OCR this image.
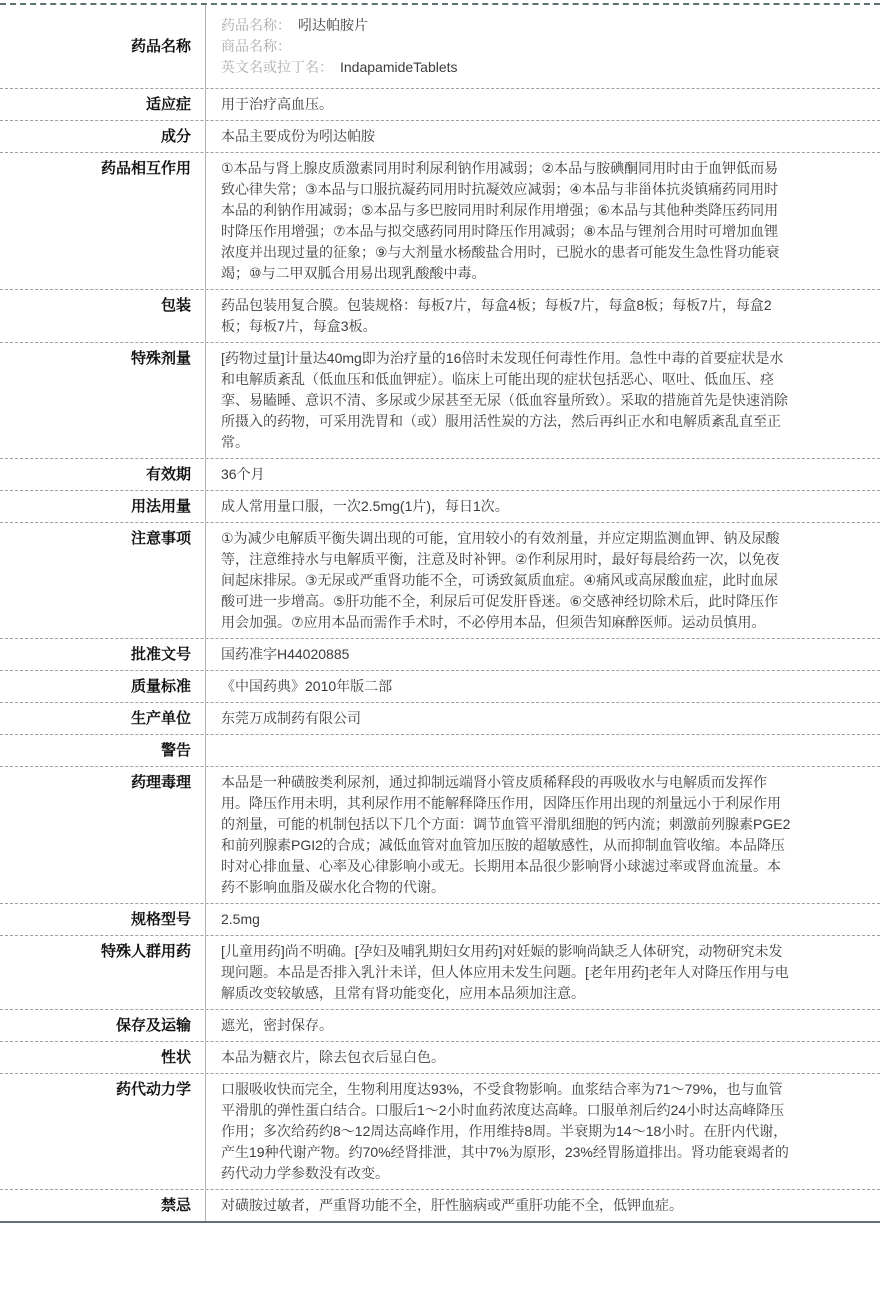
药品名称
药品名称： 吲达帕胺片
商品名称：
英文名或拉丁名： IndapamideTablets
适应症	用于治疗高血压。
成分	本品主要成份为吲达帕胺
药品相互作用	①本品与肾上腺皮质激素同用时利尿利钠作用减弱；②本品与胺碘酮同用时由于血钾低而易致心律失常；③本品与口服抗凝药同用时抗凝效应减弱；④本品与非甾体抗炎镇痛药同用时本品的利钠作用减弱；⑤本品与多巴胺同用时利尿作用增强；⑥本品与其他种类降压药同用时降压作用增强；⑦本品与拟交感药同用时降压作用减弱；⑧本品与锂剂合用时可增加血锂浓度并出现过量的征象；⑨与大剂量水杨酸盐合用时，已脱水的患者可能发生急性肾功能衰竭；⑩与二甲双胍合用易出现乳酸酸中毒。
包装	药品包装用复合膜。包装规格：每板7片，每盒4板；每板7片，每盒8板；每板7片，每盒2板；每板7片，每盒3板。
特殊剂量	[药物过量]计量达40mg即为治疗量的16倍时未发现任何毒性作用。急性中毒的首要症状是水和电解质紊乱（低血压和低血钾症）。临床上可能出现的症状包括恶心、呕吐、低血压、痉挛、易瞌睡、意识不清、多尿或少尿甚至无尿（低血容量所致）。采取的措施首先是快速消除所摄入的药物，可采用洗胃和（或）服用活性炭的方法，然后再纠正水和电解质紊乱直至正常。
有效期	36个月
用法用量	成人常用量口服，一次2.5mg(1片)，每日1次。
注意事项	①为减少电解质平衡失调出现的可能，宜用较小的有效剂量，并应定期监测血钾、钠及尿酸等，注意维持水与电解质平衡，注意及时补钾。②作利尿用时，最好每晨给药一次，以免夜间起床排尿。③无尿或严重肾功能不全，可诱致氮质血症。④痛风或高尿酸血症，此时血尿酸可进一步增高。⑤肝功能不全，利尿后可促发肝昏迷。⑥交感神经切除术后，此时降压作用会加强。⑦应用本品而需作手术时，不必停用本品，但须告知麻醉医师。运动员慎用。
批准文号	国药准字H44020885
质量标准	《中国药典》2010年版二部
生产单位	东莞万成制药有限公司
警告
药理毒理	本品是一种磺胺类利尿剂，通过抑制远端肾小管皮质稀释段的再吸收水与电解质而发挥作用。降压作用未明，其利尿作用不能解释降压作用，因降压作用出现的剂量远小于利尿作用的剂量，可能的机制包括以下几个方面：调节血管平滑肌细胞的钙内流；刺激前列腺素PGE2和前列腺素PGI2的合成；减低血管对血管加压胺的超敏感性，从而抑制血管收缩。本品降压时对心排血量、心率及心律影响小或无。长期用本品很少影响肾小球滤过率或肾血流量。本药不影响血脂及碳水化合物的代谢。
规格型号	2.5mg
特殊人群用药	[儿童用药]尚不明确。[孕妇及哺乳期妇女用药]对妊娠的影响尚缺乏人体研究，动物研究未发现问题。本品是否排入乳汁未详，但人体应用未发生问题。[老年用药]老年人对降压作用与电解质改变较敏感，且常有肾功能变化，应用本品须加注意。
保存及运输	遮光，密封保存。
性状	本品为糖衣片，除去包衣后显白色。
药代动力学	口服吸收快而完全，生物利用度达93%，不受食物影响。血浆结合率为71～79%，也与血管平滑肌的弹性蛋白结合。口服后1～2小时血药浓度达高峰。口服单剂后约24小时达高峰降压作用；多次给药约8～12周达高峰作用，作用维持8周。半衰期为14～18小时。在肝内代谢，产生19种代谢产物。约70%经肾排泄，其中7%为原形，23%经胃肠道排出。肾功能衰竭者的药代动力学参数没有改变。
禁忌	对磺胺过敏者，严重肾功能不全，肝性脑病或严重肝功能不全，低钾血症。
